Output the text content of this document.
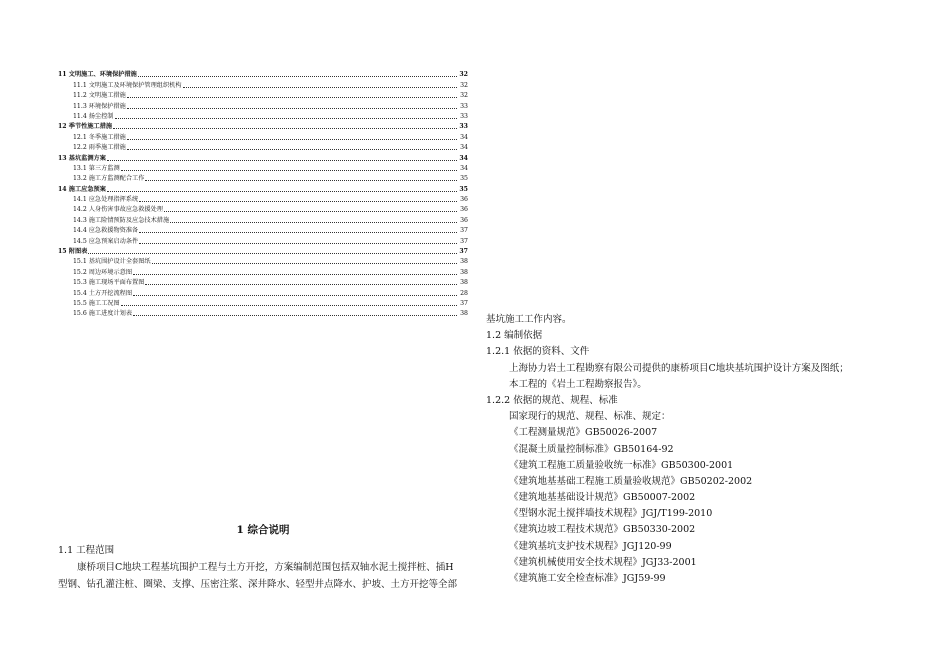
11 文明施工、环境保护措施	32
11.1 文明施工及环境保护管理组织机构	32
11.2 文明施工措施	32
11.3 环境保护措施	33
11.4 扬尘控制	33
12 季节性施工措施	33
12.1 冬季施工措施	34
12.2 雨季施工措施	34
13 基坑监测方案	34
13.1 第三方监测	34
13.2 施工方监测配合工作	35
14 施工应急预案	35
14.1 应急处理指挥系统	36
14.2 人身伤害事故应急救援处理	36
14.3 施工险情预防及应急技术措施	36
14.4 应急救援物资准备	37
14.5 应急预案启动条件	37
15 附图表	37
15.1 基坑围护设计全套图纸	38
15.2 周边环境示意图	38
15.3 施工现场平面布置图	38
15.4 土方开挖流程图	28
15.5 施工工况图	37
15.6 施工进度计划表	38
1 综合说明
1.1 工程范围
康桥项目C地块工程基坑围护工程与土方开挖，方案编制范围包括双轴水泥土搅拌桩、插H
型钢、钻孔灌注桩、圈梁、支撑、压密注浆、深井降水、轻型井点降水、护坡、土方开挖等全部
基坑施工工作内容。
1.2 编制依据
1.2.1 依据的资料、文件
上海协力岩土工程勘察有限公司提供的康桥项目C地块基坑围护设计方案及图纸；
本工程的《岩土工程勘察报告》。
1.2.2 依据的规范、规程、标准
国家现行的规范、规程、标准、规定：
《工程测量规范》GB50026-2007
《混凝土质量控制标准》GB50164-92
《建筑工程施工质量验收统一标准》GB50300-2001
《建筑地基基础工程施工质量验收规范》GB50202-2002
《建筑地基基础设计规范》GB50007-2002
《型钢水泥土搅拌墙技术规程》JGJ/T199-2010
《建筑边坡工程技术规范》GB50330-2002
《建筑基坑支护技术规程》JGJ120-99
《建筑机械使用安全技术规程》JGJ33-2001
《建筑施工安全检查标准》JGJ59-99
